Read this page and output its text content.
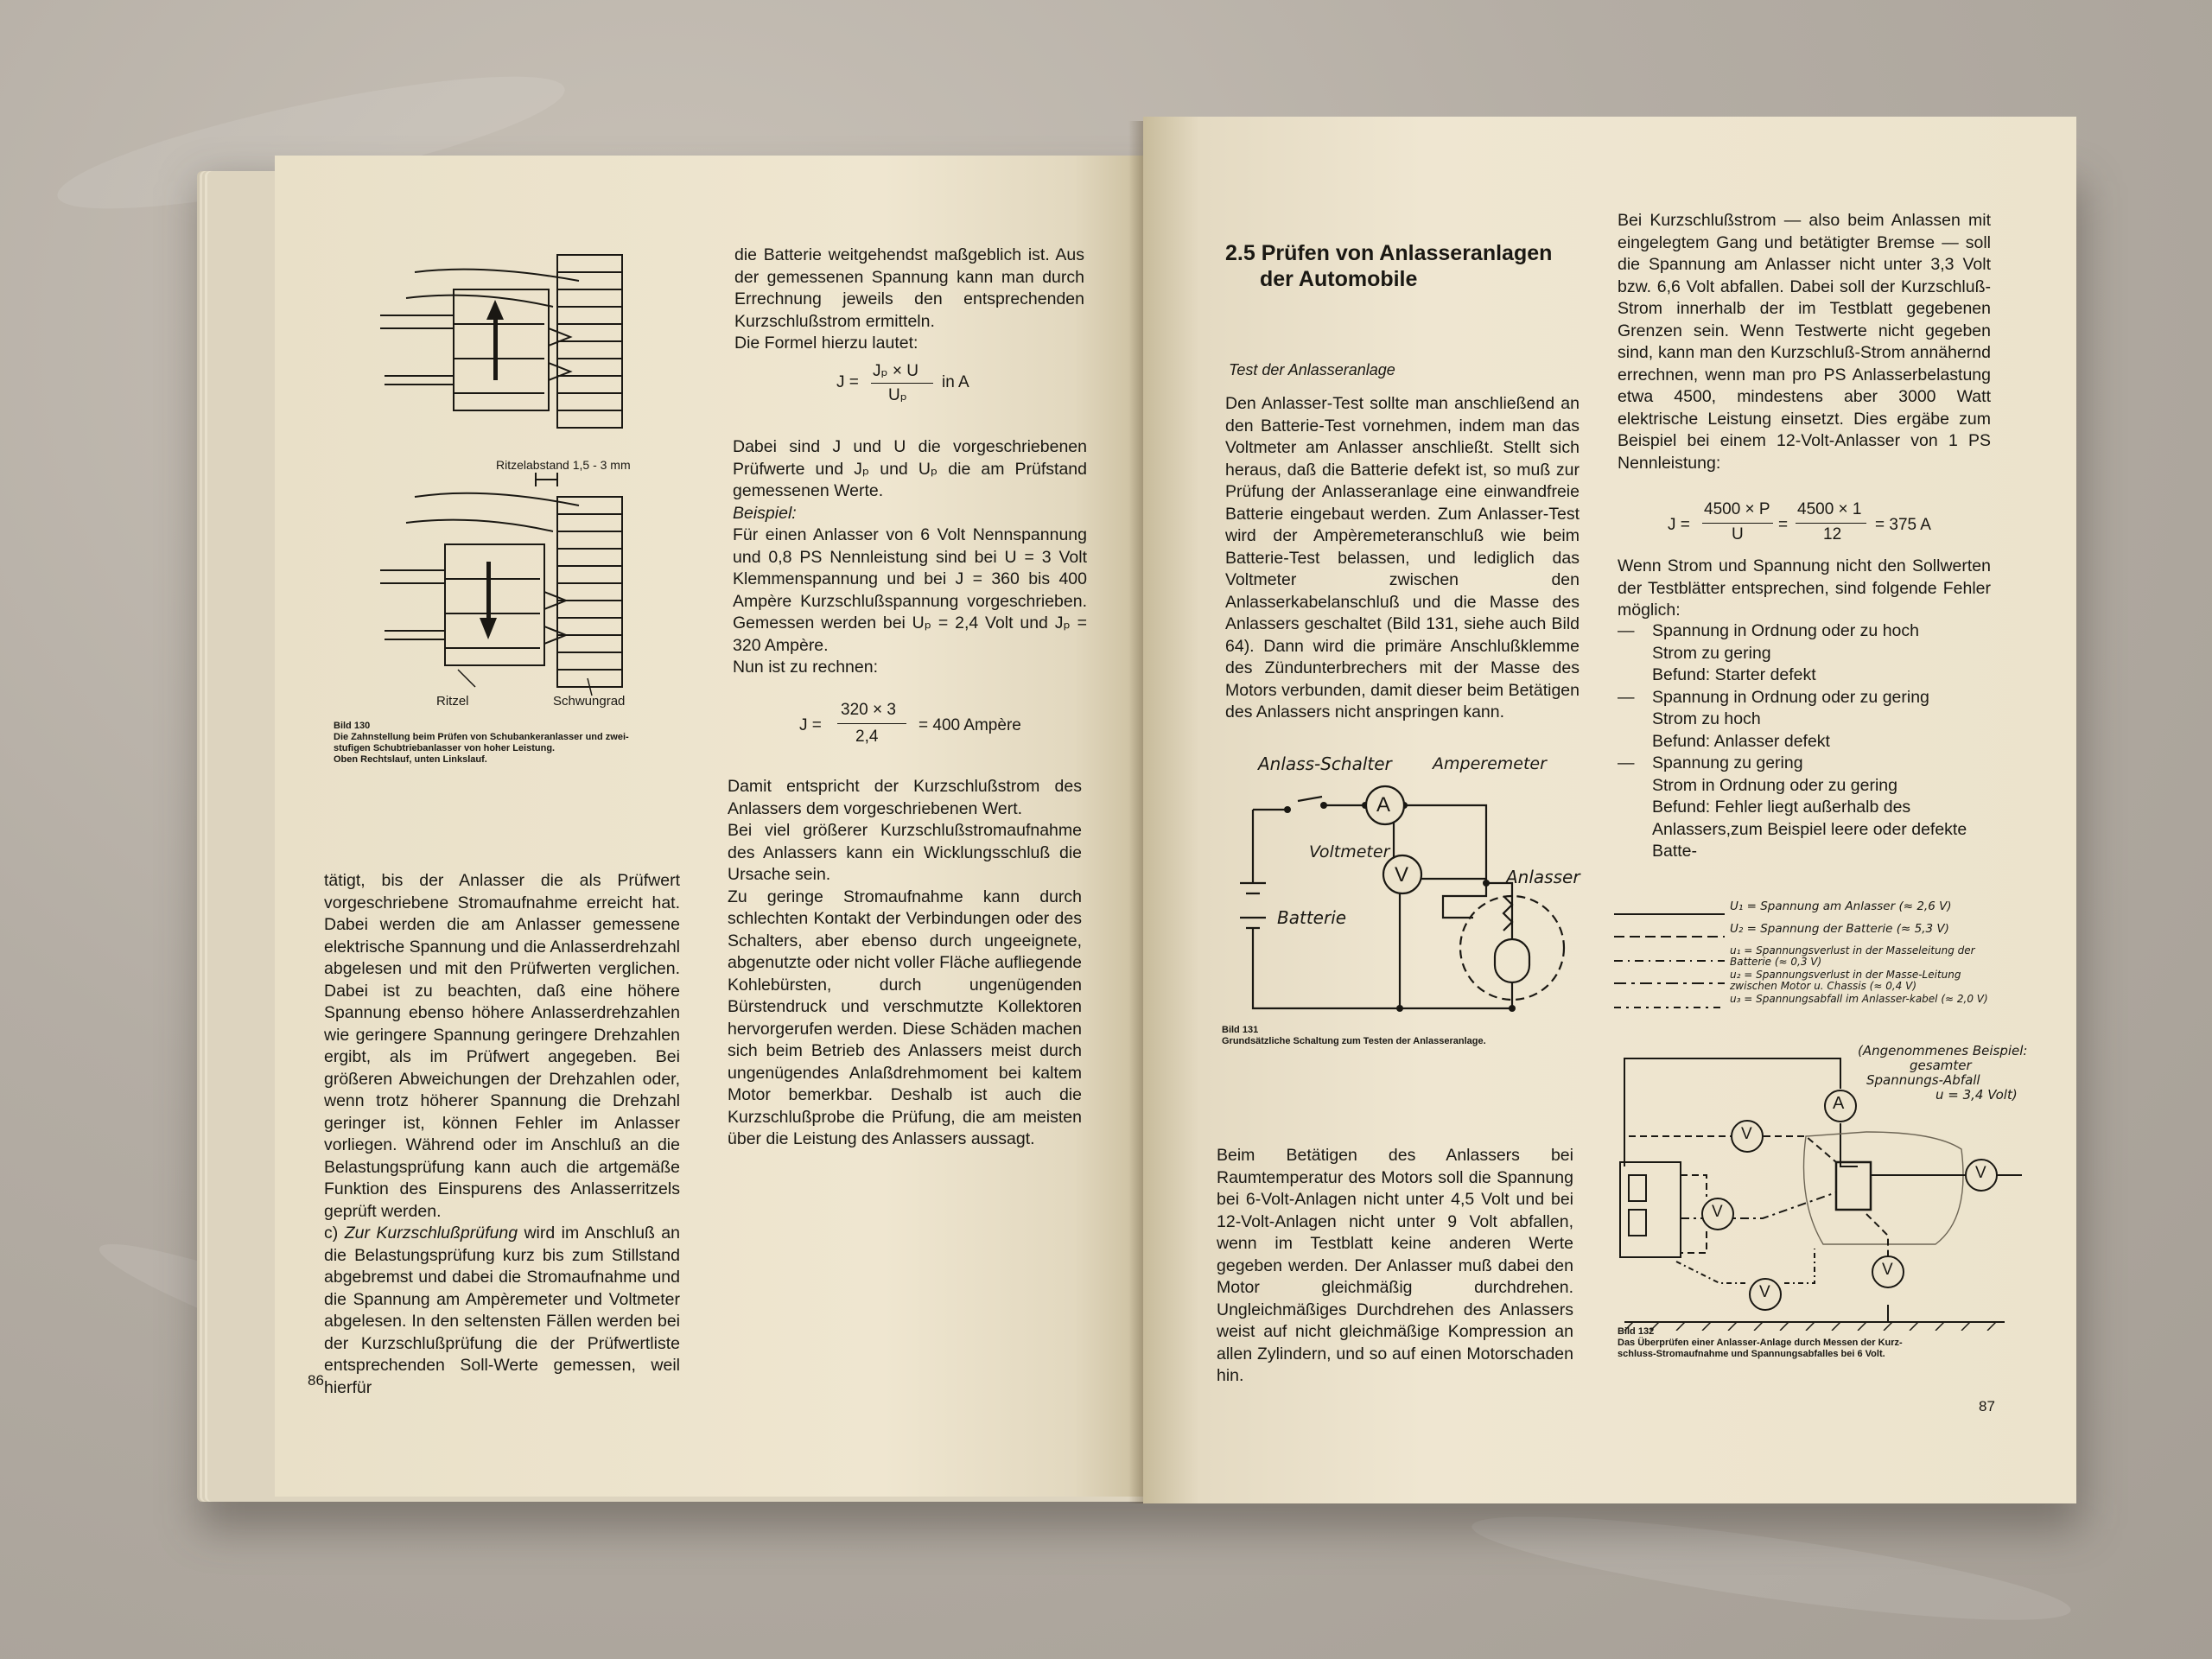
Ritzelabstand 1,5 - 3 mm
Ritzel	Schwungrad
Bild 130
Die Zahnstellung beim Prüfen von Schubankeranlasser und zwei-
stufigen Schubtriebanlasser von hoher Leistung.
Oben Rechtslauf, unten Linkslauf.

tätigt, bis der Anlasser die als Prüfwert vorgeschriebene Stromaufnahme erreicht hat. Dabei werden die am Anlasser gemessene elektrische Spannung und die Anlasserdrehzahl abgelesen und mit den Prüfwerten verglichen. Dabei ist zu beachten, daß eine höhere Spannung ebenso höhere Anlasserdrehzahlen wie geringere Spannung geringere Drehzahlen ergibt, als im Prüfwert angegeben. Bei größeren Abweichungen der Drehzahlen oder, wenn trotz höherer Spannung die Drehzahl geringer ist, können Fehler im Anlasser vorliegen. Während oder im Anschluß an die Belastungsprüfung kann auch die artgemäße Funktion des Einspurens des Anlasserritzels geprüft werden.

c) Zur Kurzschlußprüfung wird im Anschluß an die Belastungsprüfung kurz bis zum Stillstand abgebremst und dabei die Stromaufnahme und die Spannung am Ampèremeter und Voltmeter abgelesen. In den seltensten Fällen werden bei der Kurzschlußprüfung die der Prüfwertliste entsprechenden Soll-Werte gemessen, weil hierfür

die Batterie weitgehendst maßgeblich ist. Aus der gemessenen Spannung kann man durch Errechnung jeweils den entsprechenden Kurzschlußstrom ermitteln.

Die Formel hierzu lautet:

J =
Jₚ × U
Uₚ
in A

Dabei sind J und U die vorgeschriebenen Prüfwerte und Jₚ und Uₚ die am Prüfstand gemessenen Werte.

Beispiel:

Für einen Anlasser von 6 Volt Nennspannung und 0,8 PS Nennleistung sind bei U = 3 Volt Klemmenspannung und bei J = 360 bis 400 Ampère Kurzschlußspannung vorgeschrieben. Gemessen werden bei Uₚ = 2,4 Volt und Jₚ = 320 Ampère.

Nun ist zu rechnen:

J =
320 × 3
2,4
= 400 Ampère

Damit entspricht der Kurzschlußstrom des Anlassers dem vorgeschriebenen Wert.

Bei viel größerer Kurzschlußstromaufnahme des Anlassers kann ein Wicklungsschluß die Ursache sein.

Zu geringe Stromaufnahme kann durch schlechten Kontakt der Verbindungen oder des Schalters, aber ebenso durch ungeeignete, abgenutzte oder nicht voller Fläche aufliegende Kohlebürsten, durch ungenügenden Bürstendruck und verschmutzte Kollektoren hervorgerufen werden. Diese Schäden machen sich beim Betrieb des Anlassers meist durch ungenügendes Anlaßdrehmoment bei kaltem Motor bemerkbar. Deshalb ist auch die Kurzschlußprobe die Prüfung, die am meisten über die Leistung des Anlassers aussagt.

86
2.5 Prüfen von Anlasseranlagen
der Automobile
Test der Anlasseranlage

Den Anlasser-Test sollte man anschließend an den Batterie-Test vornehmen, indem man das Voltmeter am Anlasser anschließt. Stellt sich heraus, daß die Batterie defekt ist, so muß zur Prüfung der Anlasseranlage eine einwandfreie Batterie eingebaut werden. Zum Anlasser-Test wird der Ampèremeteranschluß wie beim Batterie-Test belassen, und lediglich das Voltmeter zwischen den Anlasserkabelanschluß und die Masse des Anlassers geschaltet (Bild 131, siehe auch Bild 64). Dann wird die primäre Anschlußklemme des Zündunterbrechers mit der Masse des Motors verbunden, damit dieser beim Betätigen des Anlassers nicht anspringen kann.

Anlass-Schalter Amperemeter
Voltmeter
Anlasser
Batterie
A
V
Bild 131
Grundsätzliche Schaltung zum Testen der Anlasseranlage.

Beim Betätigen des Anlassers bei Raumtemperatur des Motors soll die Spannung bei 6-Volt-Anlagen nicht unter 4,5 Volt und bei 12-Volt-Anlagen nicht unter 9 Volt abfallen, wenn im Testblatt keine anderen Werte gegeben werden. Der Anlasser muß dabei den Motor gleichmäßig durchdrehen. Ungleichmäßiges Durchdrehen des Anlassers weist auf nicht gleichmäßige Kompression an allen Zylindern, und so auf einen Motorschaden hin.

Bei Kurzschlußstrom — also beim Anlassen mit eingelegtem Gang und betätigter Bremse — soll die Spannung am Anlasser nicht unter 3,3 Volt bzw. 6,6 Volt abfallen. Dabei soll der Kurzschluß-Strom innerhalb der im Testblatt gegebenen Grenzen sein. Wenn Testwerte nicht gegeben sind, kann man den Kurzschluß-Strom annähernd errechnen, wenn man pro PS Anlasserbelastung etwa 4500, mindestens aber 3000 Watt elektrische Leistung einsetzt. Dies ergäbe zum Beispiel bei einem 12-Volt-Anlasser von 1 PS Nennleistung:

J =
4500 × P
U
=
4500 × 1
12
= 375 A

Wenn Strom und Spannung nicht den Sollwerten der Testblätter entsprechen, sind folgende Fehler möglich:

— Spannung in Ordnung oder zu hoch
Strom zu gering
Befund: Starter defekt
— Spannung in Ordnung oder zu gering
Strom zu hoch
Befund: Anlasser defekt
— Spannung zu gering
Strom in Ordnung oder zu gering
Befund: Fehler liegt außerhalb des Anlassers,zum Beispiel leere oder defekte Batte-
U₁ = Spannung am Anlasser (≈ 2,6 V)
U₂ = Spannung der Batterie (≈ 5,3 V)
u₁ = Spannungsverlust in der Masseleitung der Batterie (≈ 0,3 V)
u₂ = Spannungsverlust in der Masse-Leitung zwischen Motor u. Chassis (≈ 0,4 V)
u₃ = Spannungsabfall im Anlasser-kabel (≈ 2,0 V)
A
V
V
V
V
V
(Angenommenes Beispiel:
gesamter
Spannungs-Abfall
u = 3,4 Volt)
Bild 132
Das Überprüfen einer Anlasser-Anlage durch Messen der Kurz-
schluss-Stromaufnahme und Spannungsabfalles bei 6 Volt.
87
